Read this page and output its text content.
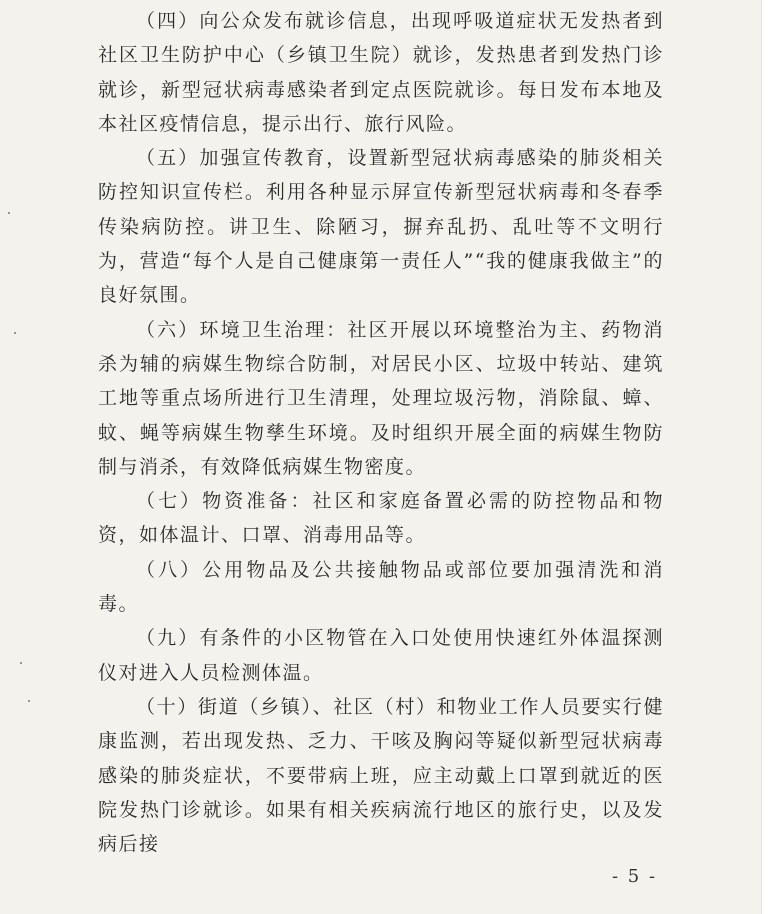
（四）向公众发布就诊信息，出现呼吸道症状无发热者到社区卫生防护中心（乡镇卫生院）就诊，发热患者到发热门诊就诊，新型冠状病毒感染者到定点医院就诊。每日发布本地及本社区疫情信息，提示出行、旅行风险。

（五）加强宣传教育，设置新型冠状病毒感染的肺炎相关防控知识宣传栏。利用各种显示屏宣传新型冠状病毒和冬春季传染病防控。讲卫生、除陋习，摒弃乱扔、乱吐等不文明行为，营造“每个人是自己健康第一责任人”“我的健康我做主”的良好氛围。

（六）环境卫生治理：社区开展以环境整治为主、药物消杀为辅的病媒生物综合防制，对居民小区、垃圾中转站、建筑工地等重点场所进行卫生清理，处理垃圾污物，消除鼠、蟑、蚊、蝇等病媒生物孳生环境。及时组织开展全面的病媒生物防制与消杀，有效降低病媒生物密度。

（七）物资准备：社区和家庭备置必需的防控物品和物资，如体温计、口罩、消毒用品等。

（八）公用物品及公共接触物品或部位要加强清洗和消毒。

（九）有条件的小区物管在入口处使用快速红外体温探测仪对进入人员检测体温。

（十）街道（乡镇）、社区（村）和物业工作人员要实行健康监测，若出现发热、乏力、干咳及胸闷等疑似新型冠状病毒感染的肺炎症状，不要带病上班，应主动戴上口罩到就近的医院发热门诊就诊。如果有相关疾病流行地区的旅行史，以及发病后接

- 5 -
